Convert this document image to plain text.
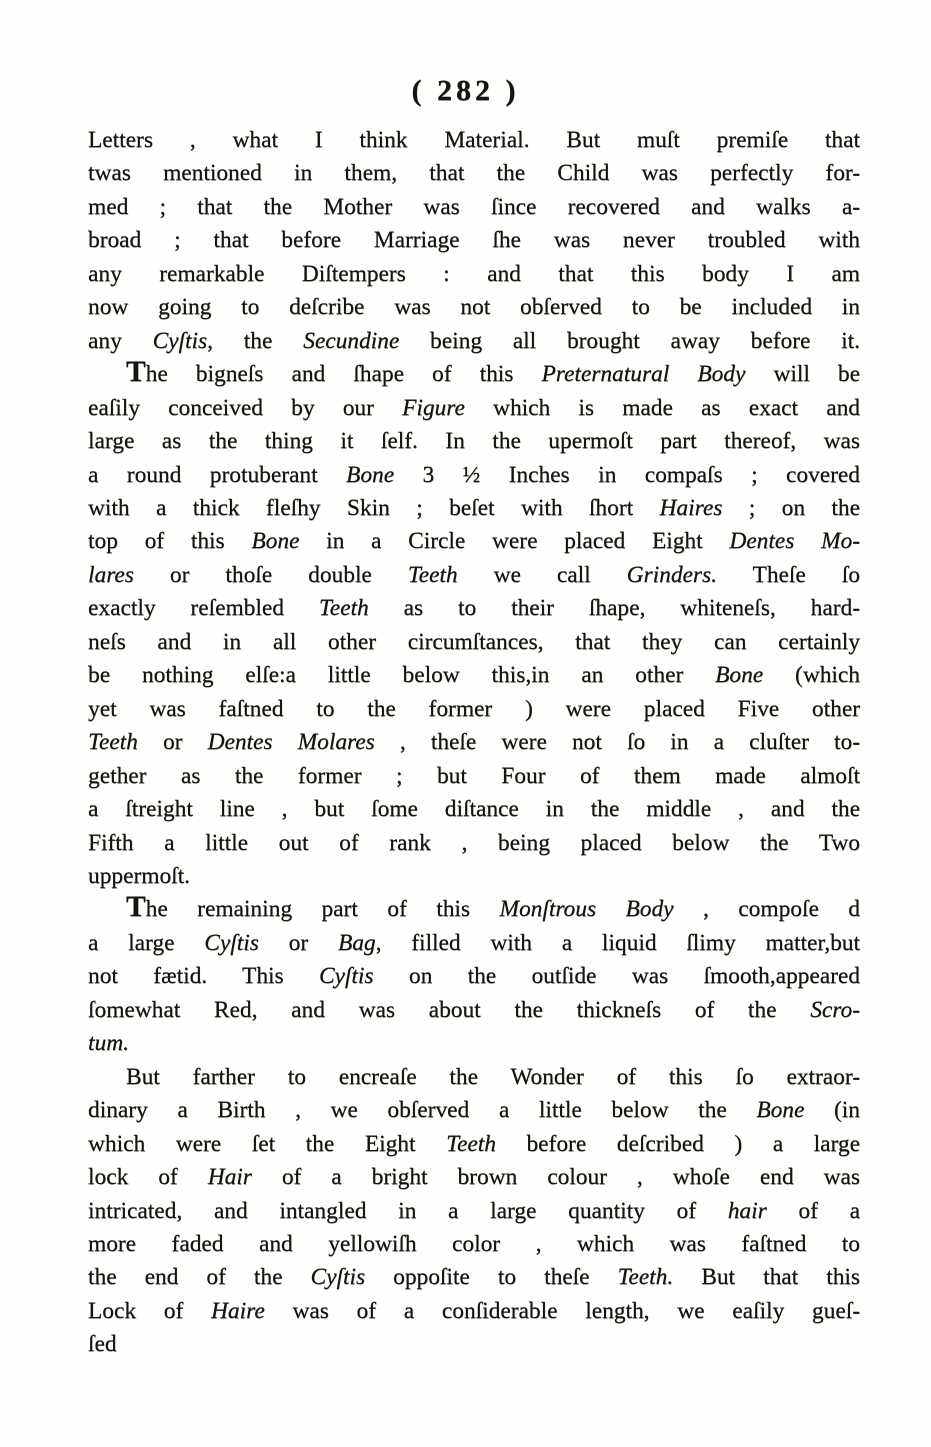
( 282 )
Letters , what I think Material. But muſt premiſe that
twas mentioned in them, that the Child was perfectly for-
med ; that the Mother was ſince recovered and walks a-
broad ; that before Marriage ſhe was never troubled with
any remarkable Diſtempers : and that this body I am
now going to deſcribe was not obſerved to be included in
any Cyſtis, the Secundine being all brought away before it.
The bigneſs and ſhape of this Preternatural Body will be
eaſily conceived by our Figure which is made as exact and
large as the thing it ſelf. In the upermoſt part thereof, was
a round protuberant Bone 3 ½ Inches in compaſs ; covered
with a thick fleſhy Skin ; beſet with ſhort Haires ; on the
top of this Bone in a Circle were placed Eight Dentes Mo-
lares or thoſe double Teeth we call Grinders. Theſe ſo
exactly reſembled Teeth as to their ſhape, whiteneſs, hard-
neſs and in all other circumſtances, that they can certainly
be nothing elſe:a little below this,in an other Bone (which
yet was faſtned to the former ) were placed Five other
Teeth or Dentes Molares , theſe were not ſo in a cluſter to-
gether as the former ; but Four of them made almoſt
a ſtreight line , but ſome diſtance in the middle , and the
Fifth a little out of rank , being placed below the Two
uppermoſt.
The remaining part of this Monſtrous Body , compoſe d
a large Cyſtis or Bag, filled with a liquid ſlimy matter,but
not fætid. This Cyſtis on the outſide was ſmooth,appeared
ſomewhat Red, and was about the thickneſs of the Scro-
tum.
But farther to encreaſe the Wonder of this ſo extraor-
dinary a Birth , we obſerved a little below the Bone (in
which were ſet the Eight Teeth before deſcribed ) a large
lock of Hair of a bright brown colour , whoſe end was
intricated, and intangled in a large quantity of hair of a
more faded and yellowiſh color , which was faſtned to
the end of the Cyſtis oppoſite to theſe Teeth. But that this
Lock of Haire was of a conſiderable length, we eaſily gueſ-
ſed
